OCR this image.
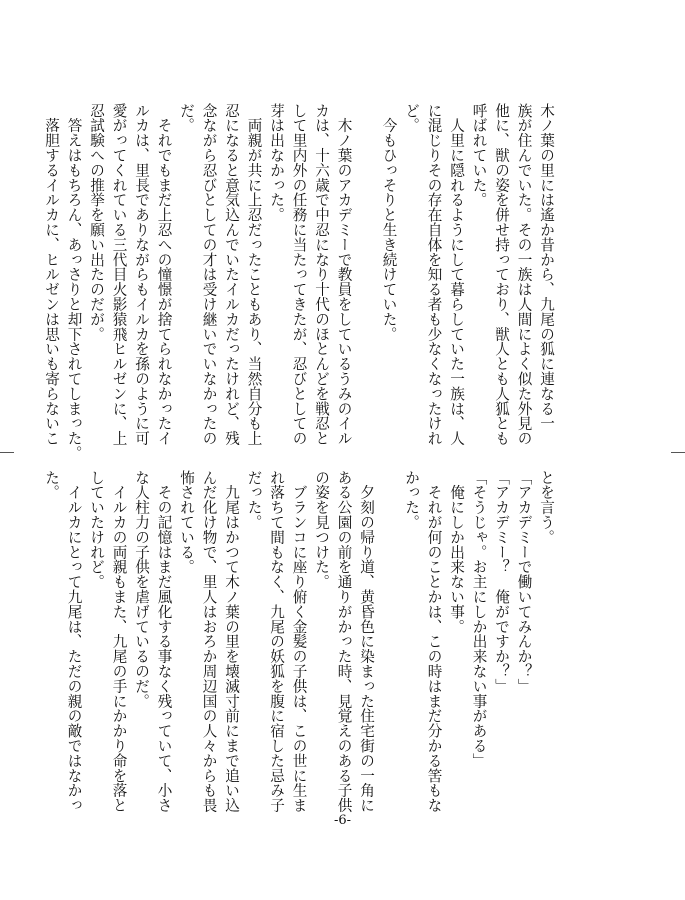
木ノ葉の里には遙か昔から、九尾の狐に連なる一

族が住んでいた。その一族は人間によく似た外見の

他に、獣の姿を併せ持っており、獣人とも人狐とも

呼ばれていた。

　人里に隠れるようにして暮らしていた一族は、人

に混じりその存在自体を知る者も少なくなったけれ

ど。

　今もひっそりと生き続けていた。

　木ノ葉のアカデミーで教員をしているうみのイル

カは、十六歳で中忍になり十代のほとんどを戦忍と

して里内外の任務に当たってきたが、忍びとしての

芽は出なかった。

　両親が共に上忍だったこともあり、当然自分も上

忍になると意気込んでいたイルカだったけれど、残

念ながら忍びとしての才は受け継いでいなかったの

だ。

　それでもまだ上忍への憧憬が捨てられなかったイ

ルカは、里長でありながらもイルカを孫のように可

愛がってくれている三代目火影猿飛ヒルゼンに、上

忍試験への推挙を願い出たのだが。

　答えはもちろん、あっさりと却下されてしまった。

　落胆するイルカに、ヒルゼンは思いも寄らないこ

とを言う。

「アカデミーで働いてみんか？」

「アカデミー？　俺がですか？」

「そうじゃ。お主にしか出来ない事がある」

　俺にしか出来ない事。

　それが何のことかは、この時はまだ分かる筈もな

かった。

　夕刻の帰り道、黄昏色に染まった住宅街の一角に

ある公園の前を通りがかった時、見覚えのある子供

の姿を見つけた。

　ブランコに座り俯く金髪の子供は、この世に生ま

れ落ちて間もなく、九尾の妖狐を腹に宿した忌み子

だった。

　九尾はかつて木ノ葉の里を壊滅寸前にまで追い込

んだ化け物で、里人はおろか周辺国の人々からも畏

怖されている。

　その記憶はまだ風化する事なく残っていて、小さ

な人柱力の子供を虐げているのだ。

　イルカの両親もまた、九尾の手にかかり命を落と

していたけれど。

　イルカにとって九尾は、ただの親の敵ではなかっ

た。

-6-
